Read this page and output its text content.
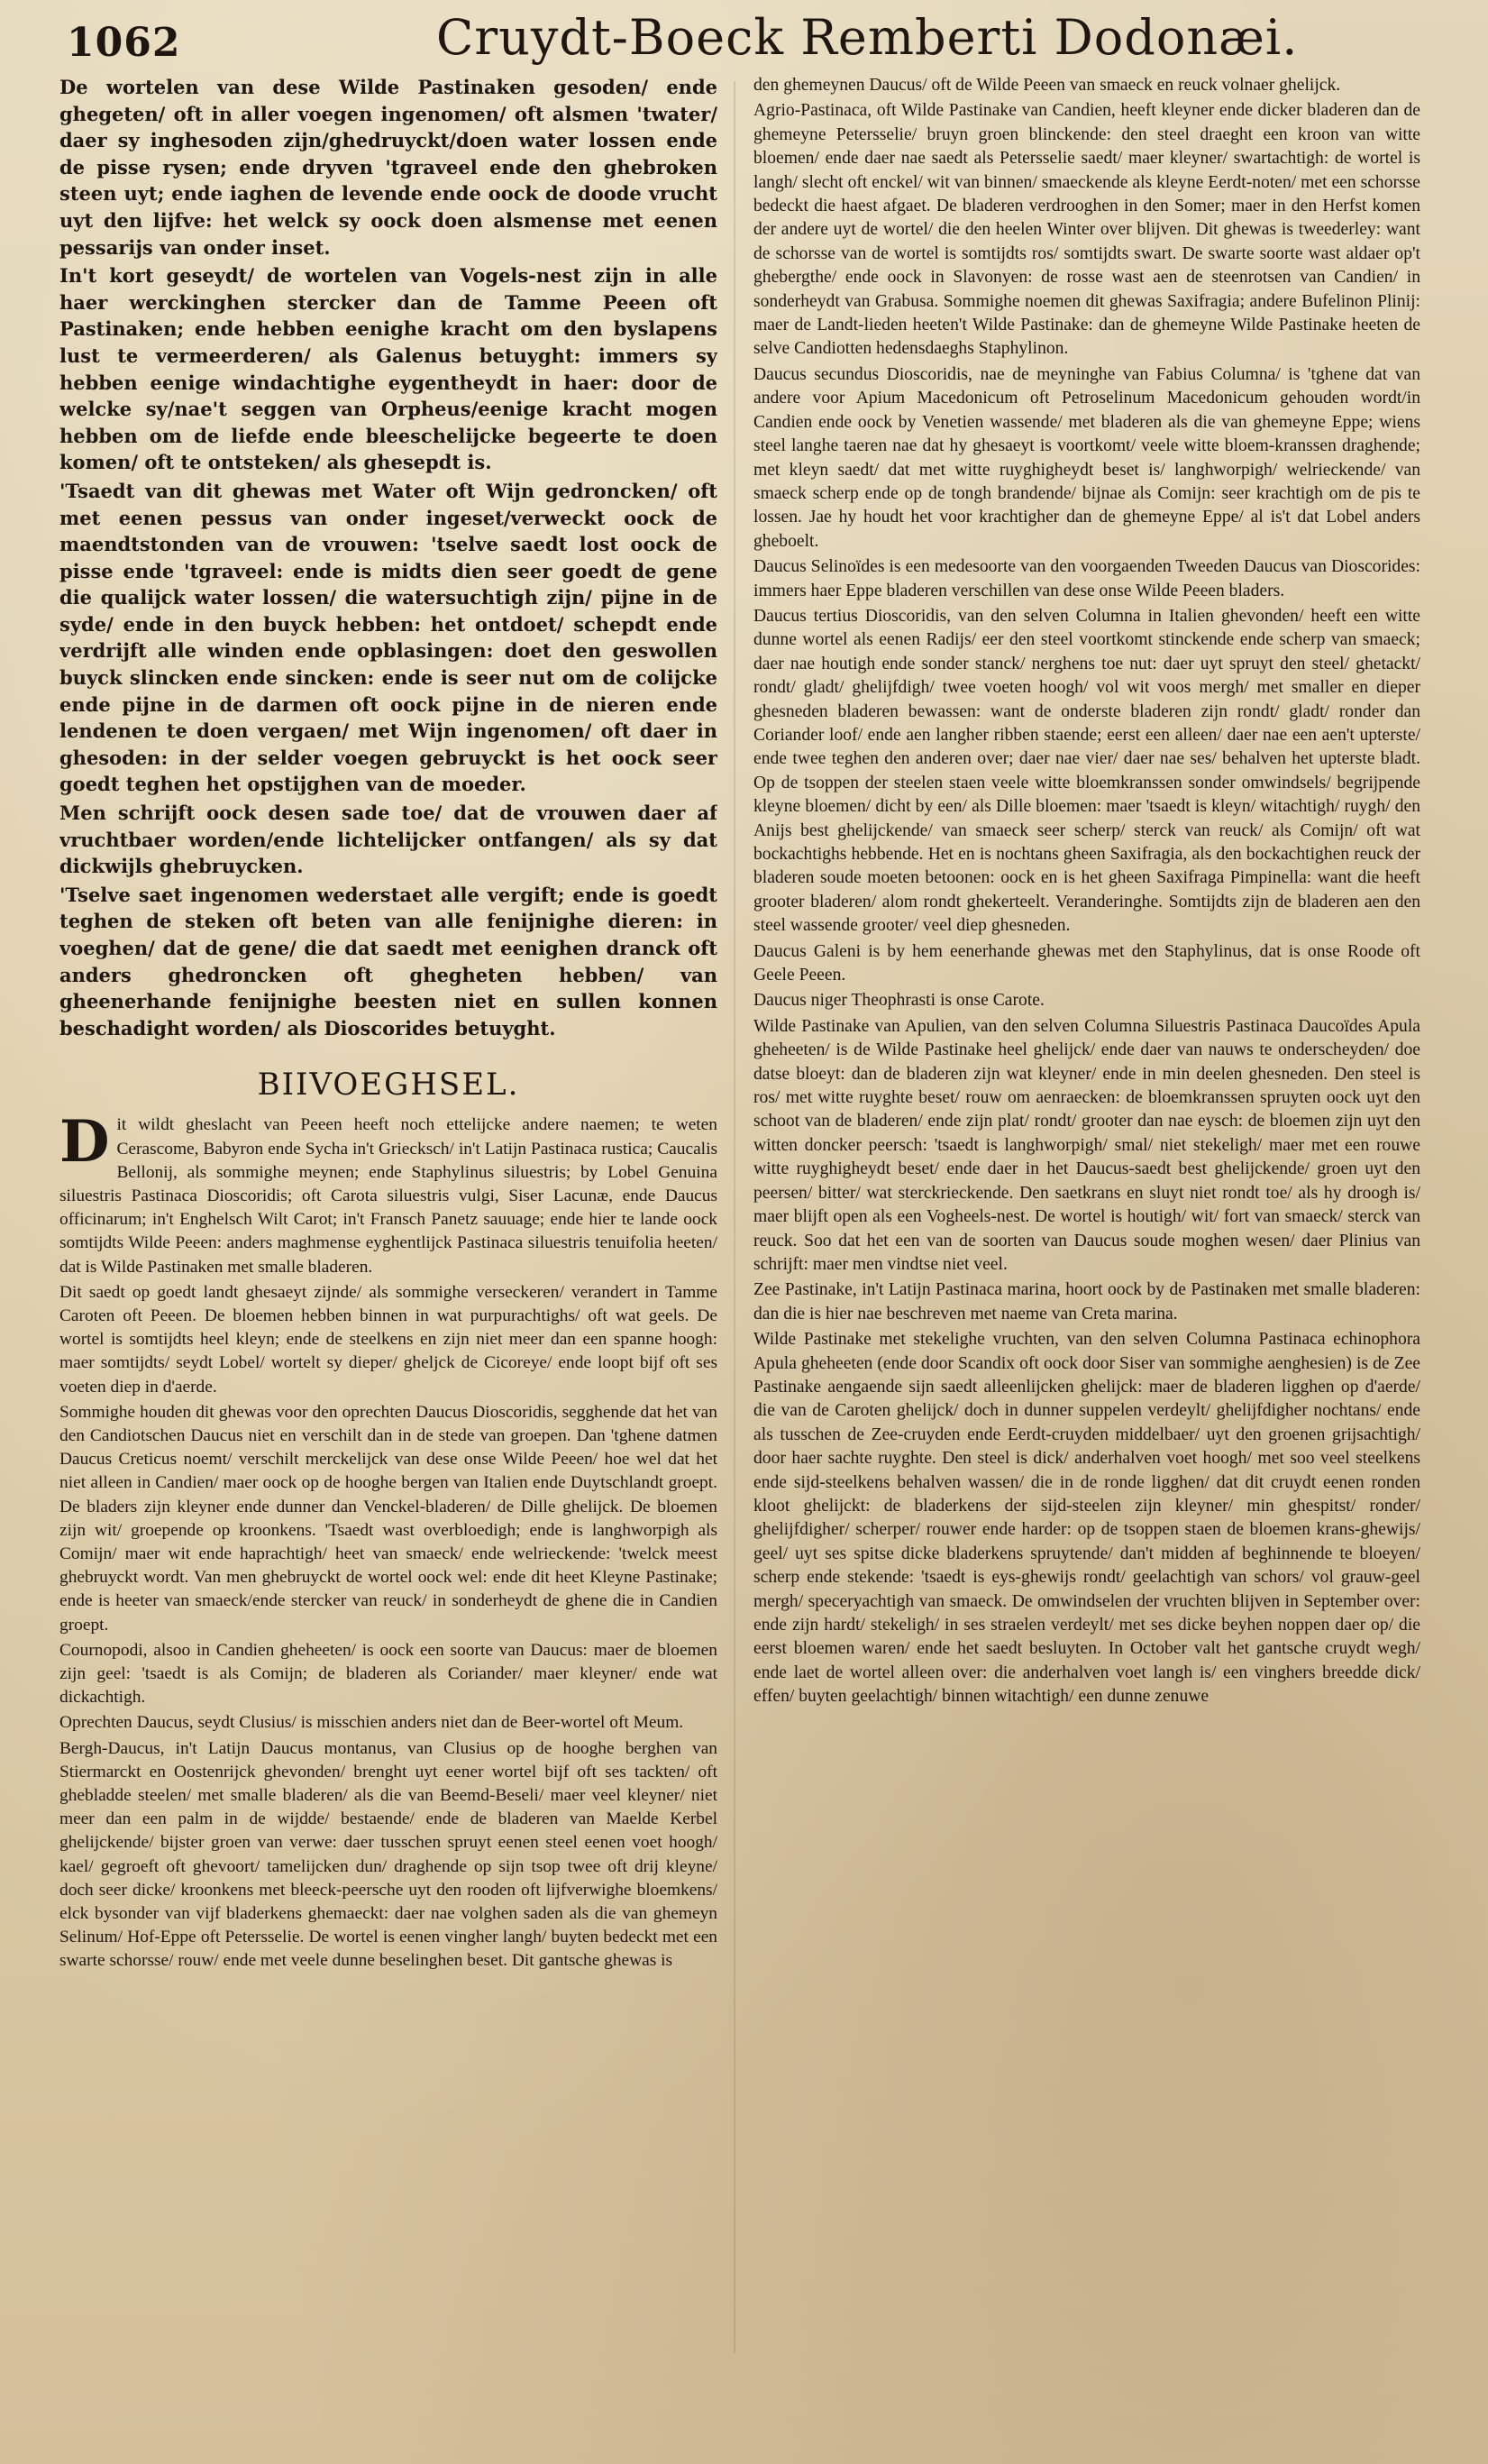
1062	Cruydt-Boeck Remberti Dodonæi.

De wortelen van dese Wilde Pastinaken gesoden/ ende ghegeten/ oft in aller voegen ingenomen/ oft alsmen 'twater/ daer sy inghesoden zijn/ghedruyckt/doen water lossen ende de pisse rysen; ende dryven 'tgraveel ende den ghebroken steen uyt; ende iaghen de levende ende oock de doode vrucht uyt den lijfve: het welck sy oock doen alsmense met eenen pessarijs van onder inset.

In't kort geseydt/ de wortelen van Vogels-nest zijn in alle haer werckinghen stercker dan de Tamme Peeen oft Pastinaken; ende hebben eenighe kracht om den byslapens lust te vermeerderen/ als Galenus betuyght: immers sy hebben eenige windachtighe eygentheydt in haer: door de welcke sy/nae't seggen van Orpheus/eenige kracht mogen hebben om de liefde ende bleeschelijcke begeerte te doen komen/ oft te ontsteken/ als ghesepdt is.

'Tsaedt van dit ghewas met Water oft Wijn gedroncken/ oft met eenen pessus van onder ingeset/verweckt oock de maendtstonden van de vrouwen: 'tselve saedt lost oock de pisse ende 'tgraveel: ende is midts dien seer goedt de gene die qualijck water lossen/ die watersuchtigh zijn/ pijne in de syde/ ende in den buyck hebben: het ontdoet/ schepdt ende verdrijft alle winden ende opblasingen: doet den geswollen buyck slincken ende sincken: ende is seer nut om de colijcke ende pijne in de darmen oft oock pijne in de nieren ende lendenen te doen vergaen/ met Wijn ingenomen/ oft daer in ghesoden: in der selder voegen gebruyckt is het oock seer goedt teghen het opstijghen van de moeder.

Men schrijft oock desen sade toe/ dat de vrouwen daer af vruchtbaer worden/ende lichtelijcker ontfangen/ als sy dat dickwijls ghebruycken.

'Tselve saet ingenomen wederstaet alle vergift; ende is goedt teghen de steken oft beten van alle fenijnighe dieren: in voeghen/ dat de gene/ die dat saedt met eenighen dranck oft anders ghedroncken oft ghegheten hebben/ van gheenerhande fenijnighe beesten niet en sullen konnen beschadight worden/ als Dioscorides betuyght.

BIIVOEGHSEL.

D it wildt gheslacht van Peeen heeft noch ettelijcke andere naemen; te weten Cerascome, Babyron ende Sycha in't Griecksch/ in't Latijn Pastinaca rustica; Caucalis Bellonij, als sommighe meynen; ende Staphylinus siluestris; by Lobel Genuina siluestris Pastinaca Dioscoridis; oft Carota siluestris vulgi, Siser Lacunæ, ende Daucus officinarum; in't Enghelsch Wilt Carot; in't Fransch Panetz sauuage; ende hier te lande oock somtijdts Wilde Peeen: anders maghmense eyghentlijck Pastinaca siluestris tenuifolia heeten/ dat is Wilde Pastinaken met smalle bladeren.

Dit saedt op goedt landt ghesaeyt zijnde/ als sommighe verseckeren/ verandert in Tamme Caroten oft Peeen. De bloemen hebben binnen in wat purpurachtighs/ oft wat geels. De wortel is somtijdts heel kleyn; ende de steelkens en zijn niet meer dan een spanne hoogh: maer somtijdts/ seydt Lobel/ wortelt sy dieper/ gheljck de Cicoreye/ ende loopt bijf oft ses voeten diep in d'aerde.

Sommighe houden dit ghewas voor den oprechten Daucus Dioscoridis, segghende dat het van den Candiotschen Daucus niet en verschilt dan in de stede van groepen. Dan 'tghene datmen Daucus Creticus noemt/ verschilt merckelijck van dese onse Wilde Peeen/ hoe wel dat het niet alleen in Candien/ maer oock op de hooghe bergen van Italien ende Duytschlandt groept. De bladers zijn kleyner ende dunner dan Venckel-bladeren/ de Dille ghelijck. De bloemen zijn wit/ groepende op kroonkens. 'Tsaedt wast overbloedigh; ende is langhworpigh als Comijn/ maer wit ende haprachtigh/ heet van smaeck/ ende welrieckende: 'twelck meest ghebruyckt wordt. Van men ghebruyckt de wortel oock wel: ende dit heet Kleyne Pastinake; ende is heeter van smaeck/ende stercker van reuck/ in sonderheydt de ghene die in Candien groept.

Cournopodi, alsoo in Candien gheheeten/ is oock een soorte van Daucus: maer de bloemen zijn geel: 'tsaedt is als Comijn; de bladeren als Coriander/ maer kleyner/ ende wat dickachtigh.

Oprechten Daucus, seydt Clusius/ is misschien anders niet dan de Beer-wortel oft Meum.

Bergh-Daucus, in't Latijn Daucus montanus, van Clusius op de hooghe berghen van Stiermarckt en Oostenrijck ghevonden/ brenght uyt eener wortel bijf oft ses tackten/ oft ghebladde steelen/ met smalle bladeren/ als die van Beemd-Beseli/ maer veel kleyner/ niet meer dan een palm in de wijdde/ bestaende/ ende de bladeren van Maelde Kerbel ghelijckende/ bijster groen van verwe: daer tusschen spruyt eenen steel eenen voet hoogh/ kael/ gegroeft oft ghevoort/ tamelijcken dun/ draghende op sijn tsop twee oft drij kleyne/ doch seer dicke/ kroonkens met bleeck-peersche uyt den rooden oft lijfverwighe bloemkens/ elck bysonder van vijf bladerkens ghemaeckt: daer nae volghen saden als die van ghemeyn Selinum/ Hof-Eppe oft Petersselie. De wortel is eenen vingher langh/ buyten bedeckt met een swarte schorsse/ rouw/ ende met veele dunne beselinghen beset. Dit gantsche ghewas is

den ghemeynen Daucus/ oft de Wilde Peeen van smaeck en reuck volnaer ghelijck.

Agrio-Pastinaca, oft Wilde Pastinake van Candien, heeft kleyner ende dicker bladeren dan de ghemeyne Petersselie/ bruyn groen blinckende: den steel draeght een kroon van witte bloemen/ ende daer nae saedt als Petersselie saedt/ maer kleyner/ swartachtigh: de wortel is langh/ slecht oft enckel/ wit van binnen/ smaeckende als kleyne Eerdt-noten/ met een schorsse bedeckt die haest afgaet. De bladeren verdrooghen in den Somer; maer in den Herfst komen der andere uyt de wortel/ die den heelen Winter over blijven. Dit ghewas is tweederley: want de schorsse van de wortel is somtijdts ros/ somtijdts swart. De swarte soorte wast aldaer op't ghebergthe/ ende oock in Slavonyen: de rosse wast aen de steenrotsen van Candien/ in sonderheydt van Grabusa. Sommighe noemen dit ghewas Saxifragia; andere Bufelinon Plinij: maer de Landt-lieden heeten't Wilde Pastinake: dan de ghemeyne Wilde Pastinake heeten de selve Candiotten hedensdaeghs Staphylinon.

Daucus secundus Dioscoridis, nae de meyninghe van Fabius Columna/ is 'tghene dat van andere voor Apium Macedonicum oft Petroselinum Macedonicum gehouden wordt/in Candien ende oock by Venetien wassende/ met bladeren als die van ghemeyne Eppe; wiens steel langhe taeren nae dat hy ghesaeyt is voortkomt/ veele witte bloem-kranssen draghende; met kleyn saedt/ dat met witte ruyghigheydt beset is/ langhworpigh/ welrieckende/ van smaeck scherp ende op de tongh brandende/ bijnae als Comijn: seer krachtigh om de pis te lossen. Jae hy houdt het voor krachtigher dan de ghemeyne Eppe/ al is't dat Lobel anders gheboelt.

Daucus Selinoïdes is een medesoorte van den voorgaenden Tweeden Daucus van Dioscorides: immers haer Eppe bladeren verschillen van dese onse Wilde Peeen bladers.

Daucus tertius Dioscoridis, van den selven Columna in Italien ghevonden/ heeft een witte dunne wortel als eenen Radijs/ eer den steel voortkomt stinckende ende scherp van smaeck; daer nae houtigh ende sonder stanck/ nerghens toe nut: daer uyt spruyt den steel/ ghetackt/ rondt/ gladt/ ghelijfdigh/ twee voeten hoogh/ vol wit voos mergh/ met smaller en dieper ghesneden bladeren bewassen: want de onderste bladeren zijn rondt/ gladt/ ronder dan Coriander loof/ ende aen langher ribben staende; eerst een alleen/ daer nae een aen't upterste/ ende twee teghen den anderen over; daer nae vier/ daer nae ses/ behalven het upterste bladt. Op de tsoppen der steelen staen veele witte bloemkranssen sonder omwindsels/ begrijpende kleyne bloemen/ dicht by een/ als Dille bloemen: maer 'tsaedt is kleyn/ witachtigh/ ruygh/ den Anijs best ghelijckende/ van smaeck seer scherp/ sterck van reuck/ als Comijn/ oft wat bockachtighs hebbende. Het en is nochtans gheen Saxifragia, als den bockachtighen reuck der bladeren soude moeten betoonen: oock en is het gheen Saxifraga Pimpinella: want die heeft grooter bladeren/ alom rondt ghekerteelt. Veranderinghe. Somtijdts zijn de bladeren aen den steel wassende grooter/ veel diep ghesneden.

Daucus Galeni is by hem eenerhande ghewas met den Staphylinus, dat is onse Roode oft Geele Peeen.

Daucus niger Theophrasti is onse Carote.

Wilde Pastinake van Apulien, van den selven Columna Siluestris Pastinaca Daucoïdes Apula gheheeten/ is de Wilde Pastinake heel ghelijck/ ende daer van nauws te onderscheyden/ doe datse bloeyt: dan de bladeren zijn wat kleyner/ ende in min deelen ghesneden. Den steel is ros/ met witte ruyghte beset/ rouw om aenraecken: de bloemkranssen spruyten oock uyt den schoot van de bladeren/ ende zijn plat/ rondt/ grooter dan nae eysch: de bloemen zijn uyt den witten doncker peersch: 'tsaedt is langhworpigh/ smal/ niet stekeligh/ maer met een rouwe witte ruyghigheydt beset/ ende daer in het Daucus-saedt best ghelijckende/ groen uyt den peersen/ bitter/ wat sterckrieckende. Den saetkrans en sluyt niet rondt toe/ als hy droogh is/ maer blijft open als een Vogheels-nest. De wortel is houtigh/ wit/ fort van smaeck/ sterck van reuck. Soo dat het een van de soorten van Daucus soude moghen wesen/ daer Plinius van schrijft: maer men vindtse niet veel.

Zee Pastinake, in't Latijn Pastinaca marina, hoort oock by de Pastinaken met smalle bladeren: dan die is hier nae beschreven met naeme van Creta marina.

Wilde Pastinake met stekelighe vruchten, van den selven Columna Pastinaca echinophora Apula gheheeten (ende door Scandix oft oock door Siser van sommighe aenghesien) is de Zee Pastinake aengaende sijn saedt alleenlijcken ghelijck: maer de bladeren ligghen op d'aerde/ die van de Caroten ghelijck/ doch in dunner suppelen verdeylt/ ghelijfdigher nochtans/ ende als tusschen de Zee-cruyden ende Eerdt-cruyden middelbaer/ uyt den groenen grijsachtigh/ door haer sachte ruyghte. Den steel is dick/ anderhalven voet hoogh/ met soo veel steelkens ende sijd-steelkens behalven wassen/ die in de ronde ligghen/ dat dit cruydt eenen ronden kloot ghelijckt: de bladerkens der sijd-steelen zijn kleyner/ min ghespitst/ ronder/ ghelijfdigher/ scherper/ rouwer ende harder: op de tsoppen staen de bloemen krans-ghewijs/ geel/ uyt ses spitse dicke bladerkens spruytende/ dan't midden af beghinnende te bloeyen/ scherp ende stekende: 'tsaedt is eys-ghewijs rondt/ geelachtigh van schors/ vol grauw-geel mergh/ speceryachtigh van smaeck. De omwindselen der vruchten blijven in September over: ende zijn hardt/ stekeligh/ in ses straelen verdeylt/ met ses dicke beyhen noppen daer op/ die eerst bloemen waren/ ende het saedt besluyten. In October valt het gantsche cruydt wegh/ ende laet de wortel alleen over: die anderhalven voet langh is/ een vinghers breedde dick/ effen/ buyten geelachtigh/ binnen witachtigh/ een dunne zenuwe
